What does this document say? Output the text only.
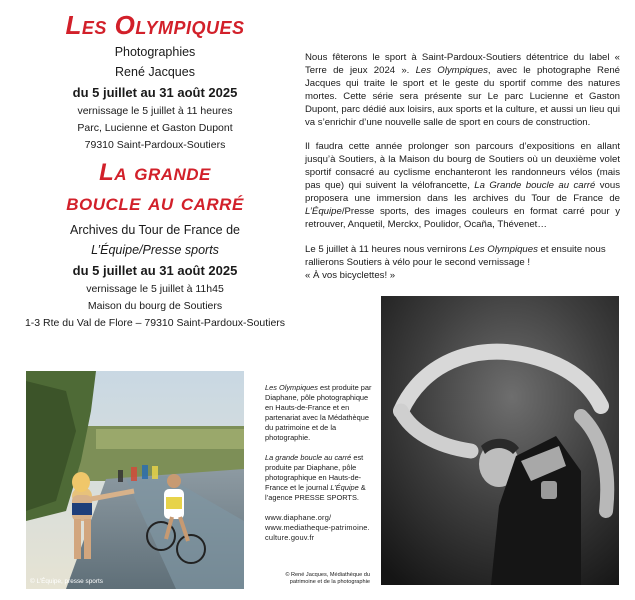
Les Olympiques
Photographies
René Jacques
du 5 juillet au 31 août 2025
vernissage le 5 juillet à 11 heures
Parc, Lucienne et Gaston Dupont
79310 Saint-Pardoux-Soutiers
La grande
boucle au carré
Archives du Tour de France de
L’Équipe/Presse sports
du 5 juillet au 31 août 2025
vernissage le 5 juillet à 11h45
Maison du bourg de Soutiers
1-3 Rte du Val de Flore – 79310 Saint-Pardoux-Soutiers

Nous fêterons le sport à Saint-Pardoux-Soutiers détentrice du label « Terre de jeux 2024 ». Les Olympiques, avec le photographe René Jacques qui traite le sport et le geste du sportif comme des natures mortes. Cette série sera présente sur Le parc Lucienne et Gaston Dupont, parc dédié aux loisirs, aux sports et la culture, et aussi un lieu qui va s’enrichir d’une nouvelle salle de sport en cours de construction.

Il faudra cette année prolonger son parcours d’expositions en allant jusqu’à Soutiers, à la Maison du bourg de Soutiers où un deuxième volet sportif consacré au cyclisme enchanteront les randonneurs vélos (mais pas que) qui suivent la vélofrancette, La Grande boucle au carré vous proposera une immersion dans les archives du Tour de France de L’Équipe/Presse sports, des images couleurs en format carré pour y retrouver, Anquetil, Merckx, Poulidor, Ocaña, Thévenet…

Le 5 juillet à 11 heures nous vernirons Les Olympiques et ensuite nous rallierons Soutiers à vélo pour le second vernissage !
« À vos bicyclettes! »

© L’Équipe, presse sports

Les Olympiques est produite par Diaphane, pôle photographique en Hauts-de-France et en partenariat avec la Médathèque du patrimoine et de la photographie.

La grande boucle au carré est produite par Diaphane, pôle photographique en Hauts-de-France et le journal L’Équipe & l’agence PRESSE SPORTS.

www.diaphane.org/
www.mediatheque-patrimoine.culture.gouv.fr

© René Jacques, Médiathèque du patrimoine et de la photographie
